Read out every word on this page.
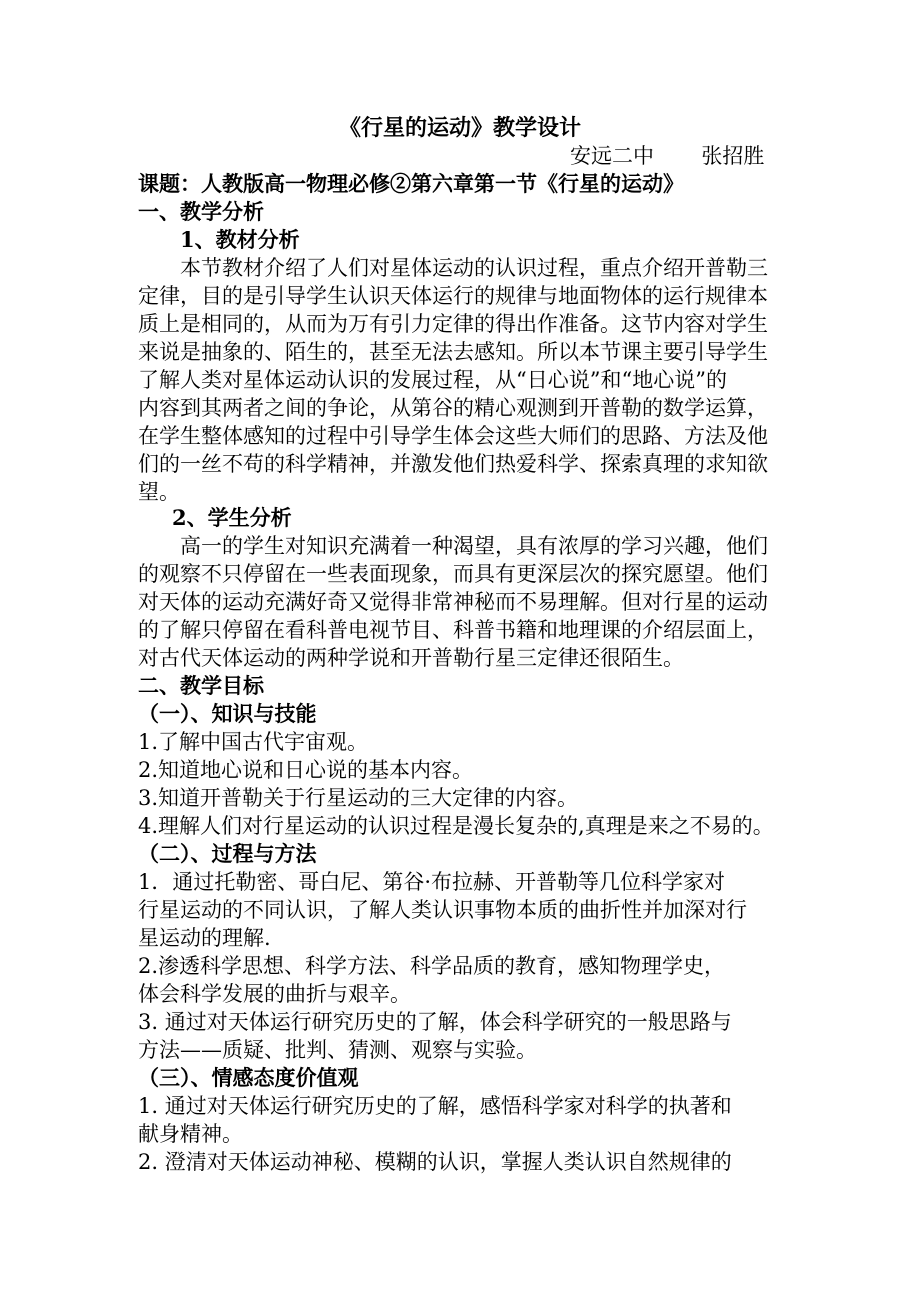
《行星的运动》教学设计
安远二中 张招胜
课题：人教版高一物理必修②第六章第一节《行星的运动》
一、教学分析
1、教材分析
本节教材介绍了人们对星体运动的认识过程，重点介绍开普勒三
定律，目的是引导学生认识天体运行的规律与地面物体的运行规律本
质上是相同的，从而为万有引力定律的得出作准备。这节内容对学生
来说是抽象的、陌生的，甚至无法去感知。所以本节课主要引导学生
了解人类对星体运动认识的发展过程，从“日心说”和“地心说”的
内容到其两者之间的争论，从第谷的精心观测到开普勒的数学运算，
在学生整体感知的过程中引导学生体会这些大师们的思路、方法及他
们的一丝不苟的科学精神，并激发他们热爱科学、探索真理的求知欲
望。
2、学生分析
高一的学生对知识充满着一种渴望，具有浓厚的学习兴趣，他们
的观察不只停留在一些表面现象，而具有更深层次的探究愿望。他们
对天体的运动充满好奇又觉得非常神秘而不易理解。但对行星的运动
的了解只停留在看科普电视节目、科普书籍和地理课的介绍层面上，
对古代天体运动的两种学说和开普勒行星三定律还很陌生。
二、教学目标
（一）、知识与技能
1.了解中国古代宇宙观。
2.知道地心说和日心说的基本内容。
3.知道开普勒关于行星运动的三大定律的内容。
4.理解人们对行星运动的认识过程是漫长复杂的,真理是来之不易的。
（二）、过程与方法
1．通过托勒密、哥白尼、第谷·布拉赫、开普勒等几位科学家对
行星运动的不同认识，了解人类认识事物本质的曲折性并加深对行
星运动的理解.
2.渗透科学思想、科学方法、科学品质的教育，感知物理学史，
体会科学发展的曲折与艰辛。
3. 通过对天体运行研究历史的了解，体会科学研究的一般思路与
方法——质疑、批判、猜测、观察与实验。
（三）、情感态度价值观
1. 通过对天体运行研究历史的了解，感悟科学家对科学的执著和
献身精神。
2. 澄清对天体运动神秘、模糊的认识，掌握人类认识自然规律的
